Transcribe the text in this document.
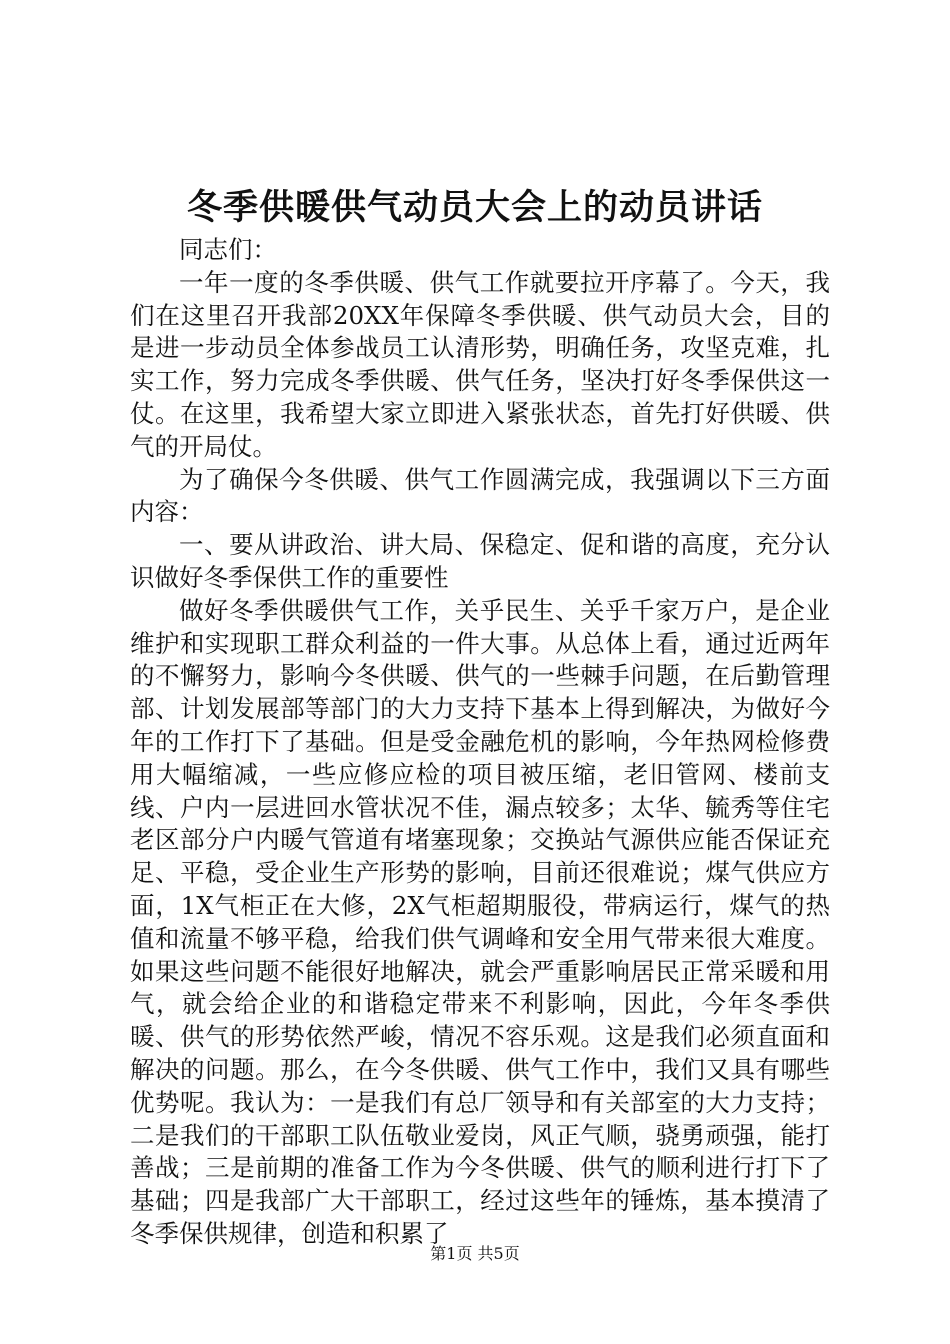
冬季供暖供气动员大会上的动员讲话

同志们：

一年一度的冬季供暖、供气工作就要拉开序幕了。今天，我们在这里召开我部20XX年保障冬季供暖、供气动员大会，目的是进一步动员全体参战员工认清形势，明确任务，攻坚克难，扎实工作，努力完成冬季供暖、供气任务，坚决打好冬季保供这一仗。在这里，我希望大家立即进入紧张状态，首先打好供暖、供气的开局仗。

为了确保今冬供暖、供气工作圆满完成，我强调以下三方面内容：

一、要从讲政治、讲大局、保稳定、促和谐的高度，充分认识做好冬季保供工作的重要性

做好冬季供暖供气工作，关乎民生、关乎千家万户，是企业维护和实现职工群众利益的一件大事。从总体上看，通过近两年的不懈努力，影响今冬供暖、供气的一些棘手问题，在后勤管理部、计划发展部等部门的大力支持下基本上得到解决，为做好今年的工作打下了基础。但是受金融危机的影响，今年热网检修费用大幅缩减，一些应修应检的项目被压缩，老旧管网、楼前支线、户内一层进回水管状况不佳，漏点较多；太华、毓秀等住宅老区部分户内暖气管道有堵塞现象；交换站气源供应能否保证充足、平稳，受企业生产形势的影响，目前还很难说；煤气供应方面，1X气柜正在大修，2X气柜超期服役，带病运行，煤气的热值和流量不够平稳，给我们供气调峰和安全用气带来很大难度。如果这些问题不能很好地解决，就会严重影响居民正常采暖和用气，就会给企业的和谐稳定带来不利影响，因此，今年冬季供暖、供气的形势依然严峻，情况不容乐观。这是我们必须直面和解决的问题。那么，在今冬供暖、供气工作中，我们又具有哪些优势呢。我认为：一是我们有总厂领导和有关部室的大力支持；二是我们的干部职工队伍敬业爱岗，风正气顺，骁勇顽强，能打善战；三是前期的准备工作为今冬供暖、供气的顺利进行打下了基础；四是我部广大干部职工，经过这些年的锤炼，基本摸清了冬季保供规律，创造和积累了

第1页 共5页
